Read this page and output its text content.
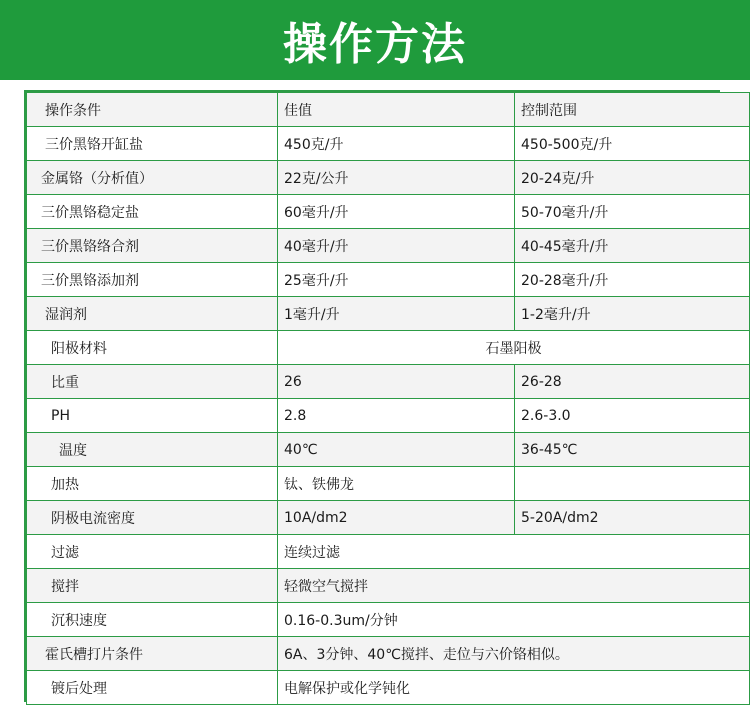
操作方法
操作条件	佳值	控制范围
三价黑铬开缸盐	450克/升	450-500克/升
金属铬（分析值）	22克/公升	20-24克/升
三价黑铬稳定盐	60毫升/升	50-70毫升/升
三价黑铬络合剂	40毫升/升	40-45毫升/升
三价黑铬添加剂	25毫升/升	20-28毫升/升
湿润剂	1毫升/升	1-2毫升/升
阳极材料	石墨阳极	
比重	26	26-28
PH	2.8	2.6-3.0
温度	40℃	36-45℃
加热	钛、铁佛龙	
阴极电流密度	10A/dm2	5-20A/dm2
过滤	连续过滤	
搅拌	轻微空气搅拌	
沉积速度	0.16-0.3um/分钟	
霍氏槽打片条件	6A、3分钟、40℃搅拌、走位与六价铬相似。	
镀后处理	电解保护或化学钝化	
